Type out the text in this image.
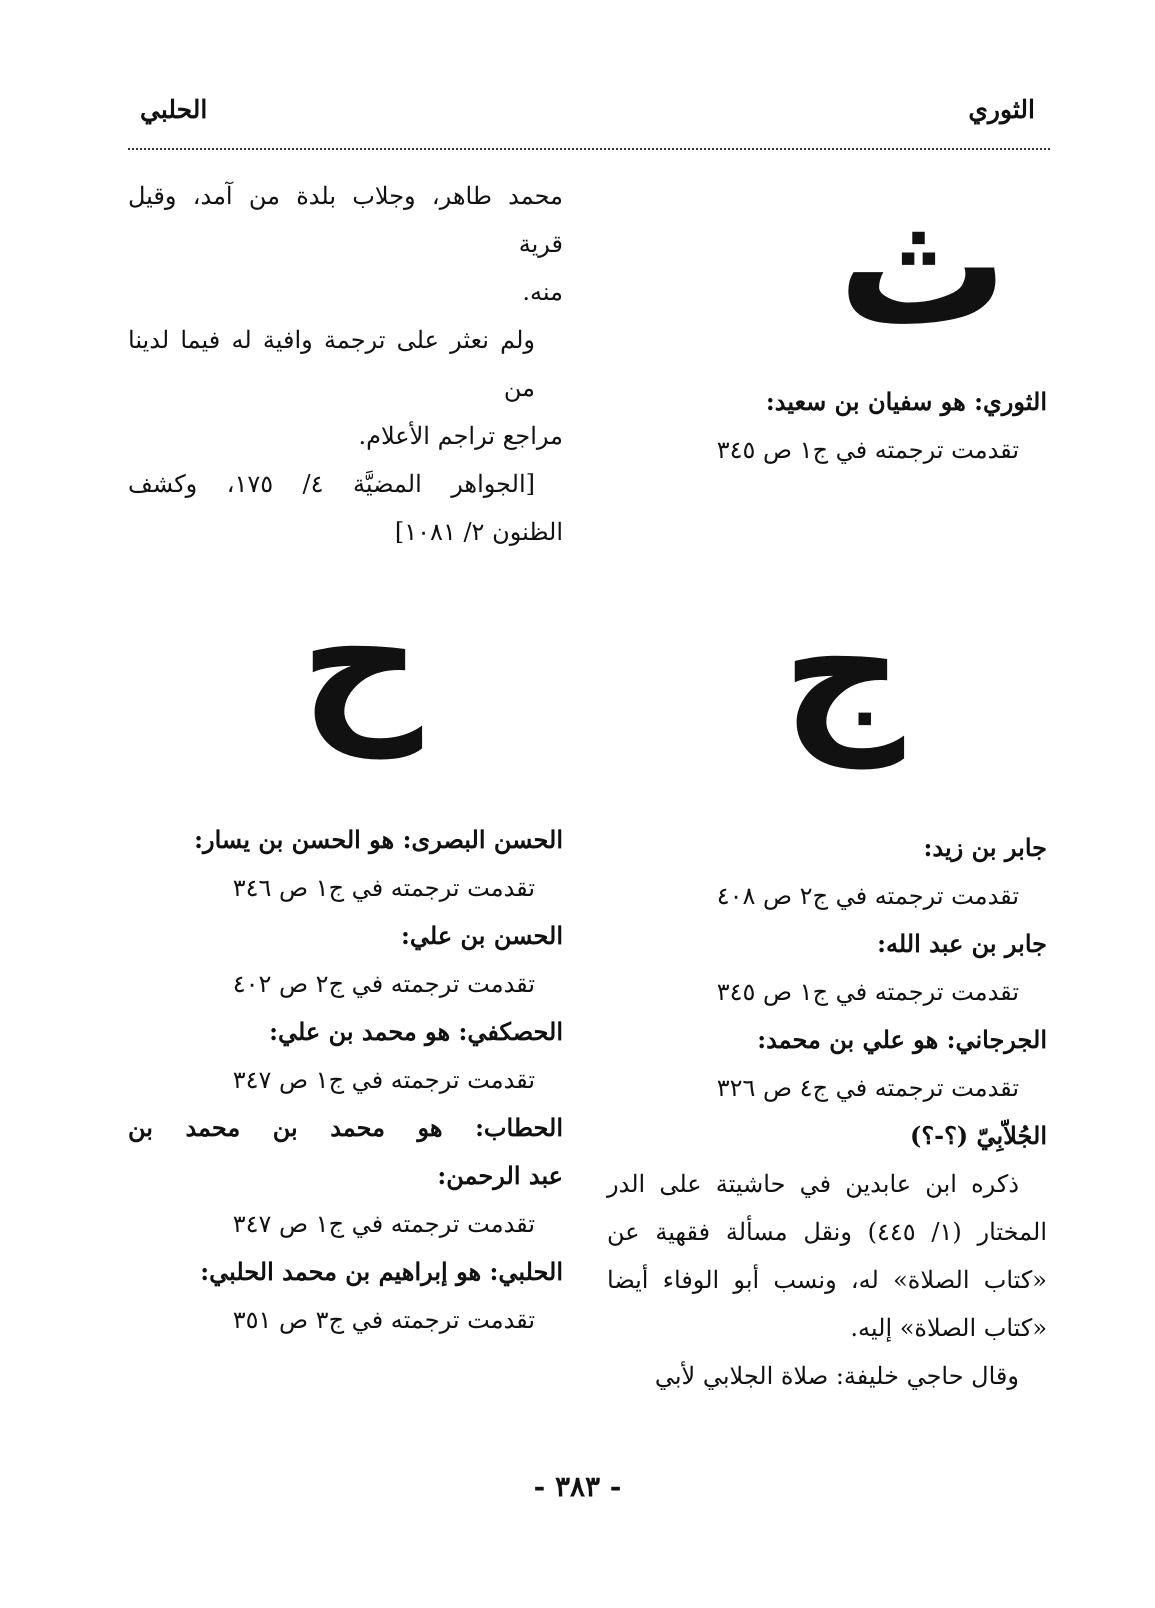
الثوري
الحلبي
ث

الثوري: هو سفيان بن سعيد:

تقدمت ترجمته في ج١ ص ٣٤٥

محمد طاهر، وجلاب بلدة من آمد، وقيل قرية

منه.

ولم نعثر على ترجمة وافية له فيما لدينا من

مراجع تراجم الأعلام.

[الجواهر المضيَّة ٤/ ١٧٥، وكشف

الظنون ٢/ ١٠٨١]

ج
ح

جابر بن زيد:

تقدمت ترجمته في ج٢ ص ٤٠٨

جابر بن عبد الله:

تقدمت ترجمته في ج١ ص ٣٤٥

الجرجاني: هو علي بن محمد:

تقدمت ترجمته في ج٤ ص ٣٢٦

الجُلاّبِيّ (؟-؟)

ذكره ابن عابدين في حاشيتة على الدر

المختار (١/ ٤٤٥) ونقل مسألة فقهية عن

«كتاب الصلاة» له، ونسب أبو الوفاء أيضا

«كتاب الصلاة» إليه.

وقال حاجي خليفة: صلاة الجلابي لأبي

الحسن البصرى: هو الحسن بن يسار:

تقدمت ترجمته في ج١ ص ٣٤٦

الحسن بن علي:

تقدمت ترجمته في ج٢ ص ٤٠٢

الحصكفي: هو محمد بن علي:

تقدمت ترجمته في ج١ ص ٣٤٧

الحطاب: هو محمد بن محمد بن

عبد الرحمن:

تقدمت ترجمته في ج١ ص ٣٤٧

الحلبي: هو إبراهيم بن محمد الحلبي:

تقدمت ترجمته في ج٣ ص ٣٥١

- ٣٨٣ -
